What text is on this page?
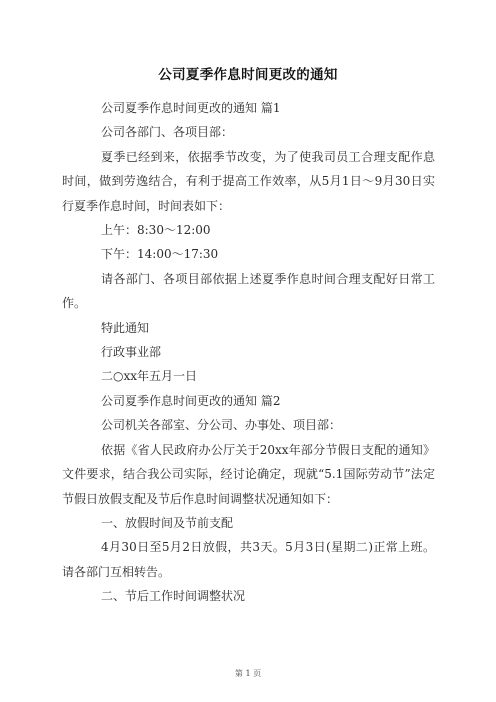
公司夏季作息时间更改的通知

公司夏季作息时间更改的通知 篇1

公司各部门、各项目部：

夏季已经到来，依据季节改变，为了使我司员工合理支配作息时间，做到劳逸结合，有利于提高工作效率，从5月1日～9月30日实行夏季作息时间，时间表如下：

上午：8:30～12:00

下午：14:00～17:30

请各部门、各项目部依据上述夏季作息时间合理支配好日常工作。

特此通知

行政事业部

二○xx年五月一日

公司夏季作息时间更改的通知 篇2

公司机关各部室、分公司、办事处、项目部：

依据《省人民政府办公厅关于20xx年部分节假日支配的通知》文件要求，结合我公司实际，经讨论确定，现就“5.1国际劳动节”法定节假日放假支配及节后作息时间调整状况通知如下：

一、放假时间及节前支配

4月30日至5月2日放假，共3天。5月3日(星期二)正常上班。请各部门互相转告。

二、节后工作时间调整状况

第 1 页
